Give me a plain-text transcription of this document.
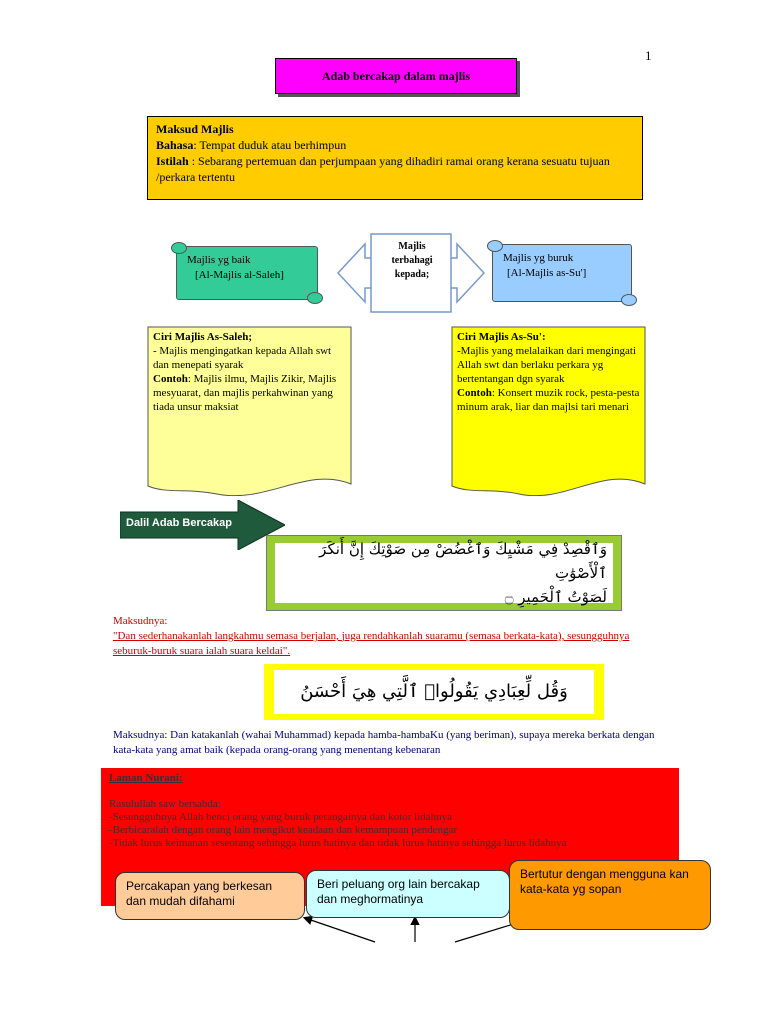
1
Adab bercakap dalam majlis
Maksud Majlis
Bahasa: Tempat duduk atau berhimpun
Istilah : Sebarang pertemuan dan perjumpaan yang dihadiri ramai orang kerana sesuatu tujuan /perkara tertentu
Majlis yg baik
[Al-Majlis al-Saleh]
Majlis
terbahagi
kepada;
Majlis yg buruk
[Al-Majlis as-Su']
Ciri Majlis As-Saleh;
- Majlis mengingatkan kepada Allah swt dan menepati syarak
Contoh: Majlis ilmu, Majlis Zikir, Majlis mesyuarat, dan majlis perkahwinan yang tiada unsur maksiat
Ciri Majlis As-Su':
-Majlis yang melalaikan dari mengingati Allah swt dan berlaku perkara yg bertentangan dgn syarak
Contoh: Konsert muzik rock, pesta-pesta minum arak, liar dan majlsi tari menari
Dalil Adab Bercakap
وَٱقْصِدْ فِي مَشْيِكَ وَٱغْضُضْ مِن صَوْتِكَ إِنَّ أَنكَرَ ٱلْأَصْوَٰتِ
لَصَوْتُ ٱلْحَمِيرِ ۝
Maksudnya:
"Dan sederhanakanlah langkahmu semasa berjalan, juga rendahkanlah suaramu (semasa berkata-kata), sesungguhnya seburuk-buruk suara ialah suara keldai".
وَقُل لِّعِبَادِي يَقُولُوا۟ ٱلَّتِي هِيَ أَحْسَنُ
Maksudnya: Dan katakanlah (wahai Muhammad) kepada hamba-hambaKu (yang beriman), supaya mereka berkata dengan kata-kata yang amat baik (kepada orang-orang yang menentang kebenaran
Laman Nurani:
Rasulullah saw bersabda:
-Sesungguhnya Allah benci orang yang buruk perangainya dan kotor lidahnya
-Berbicaralah dengan orang lain mengikut keadaan dan kemampuan pendengar
-Tidak lurus keimanan seseorang sehingga lurus hatinya dan tidak lurus hatinya sehingga lurus lidahnya
Percakapan yang berkesan dan mudah difahami
Beri peluang org lain bercakap dan meghormatinya
Bertutur dengan mengguna kan kata-kata yg sopan
